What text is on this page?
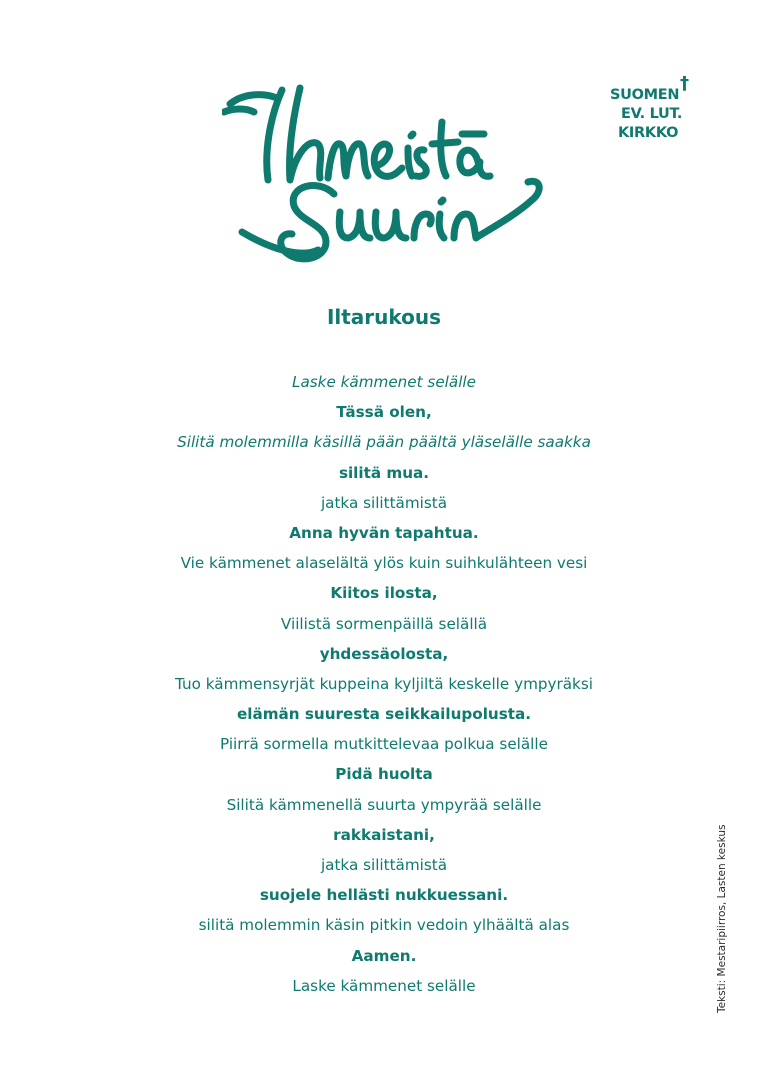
†
SUOMEN
EV. LUT.
KIRKKO
Iltarukous
Laske kämmenet selälle
Tässä olen,
Silitä molemmilla käsillä pään päältä yläselälle saakka
silitä mua.
jatka silittämistä
Anna hyvän tapahtua.
Vie kämmenet alaselältä ylös kuin suihkulähteen vesi
Kiitos ilosta,
Viilistä sormenpäillä selällä
yhdessäolosta,
Tuo kämmensyrjät kuppeina kyljiltä keskelle ympyräksi
elämän suuresta seikkailupolusta.
Piirrä sormella mutkittelevaa polkua selälle
Pidä huolta
Silitä kämmenellä suurta ympyrää selälle
rakkaistani,
jatka silittämistä
suojele hellästi nukkuessani.
silitä molemmin käsin pitkin vedoin ylhäältä alas
Aamen.
Laske kämmenet selälle	Teksti: Mestaripiirros, Lasten keskus
